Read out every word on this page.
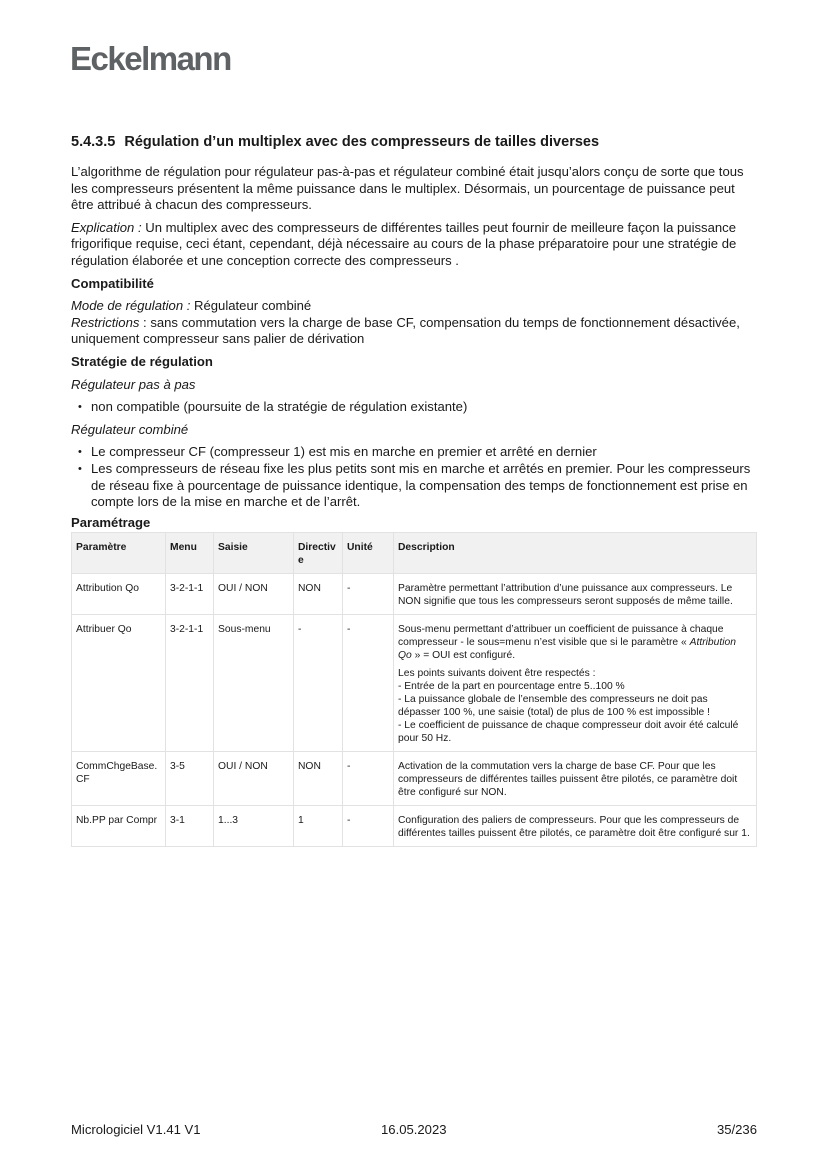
Eckelmann
5.4.3.5 Régulation d’un multiplex avec des compresseurs de tailles diverses

L’algorithme de régulation pour régulateur pas-à-pas et régulateur combiné était jusqu’alors conçu de sorte que tous les compresseurs présentent la même puissance dans le multiplex. Désormais, un pourcentage de puissance peut être attribué à chacun des compresseurs.

Explication : Un multiplex avec des compresseurs de différentes tailles peut fournir de meilleure façon la puissance frigorifique requise, ceci étant, cependant, déjà nécessaire au cours de la phase préparatoire pour une stratégie de régulation élaborée et une conception correcte des compresseurs .

Compatibilité

Mode de régulation : Régulateur combiné
Restrictions : sans commutation vers la charge de base CF, compensation du temps de fonctionnement désactivée, uniquement compresseur sans palier de dérivation

Stratégie de régulation

Régulateur pas à pas

• non compatible (poursuite de la stratégie de régulation existante)

Régulateur combiné

• Le compresseur CF (compresseur 1) est mis en marche en premier et arrêté en dernier
• Les compresseurs de réseau fixe les plus petits sont mis en marche et arrêtés en premier. Pour les compresseurs de réseau fixe à pourcentage de puissance identique, la compensation des temps de fonctionnement est prise en compte lors de la mise en marche et de l’arrêt.
Paramétrage
Paramètre	Menu	Saisie	Directiv e	Unité	Description
Attribution Qo	3-2-1-1	OUI / NON	NON	-	Paramètre permettant l’attribution d’une puissance aux compresseurs. Le NON signifie que tous les compresseurs seront supposés de même taille.
Attribuer Qo	3-2-1-1	Sous-menu	-	-	Sous-menu permettant d’attribuer un coefficient de puissance à chaque compresseur - le sous=menu n’est visible que si le paramètre « Attribution Qo » = OUI est configuré.
Les points suivants doivent être respectés :
- Entrée de la part en pourcentage entre 5..100 %
- La puissance globale de l’ensemble des compresseurs ne doit pas dépasser 100 %, une saisie (total) de plus de 100 % est impossible !
- Le coefficient de puissance de chaque compresseur doit avoir été calculé pour 50 Hz.

CommChgeBase. CF	3-5	OUI / NON	NON	-	Activation de la commutation vers la charge de base CF. Pour que les compresseurs de différentes tailles puissent être pilotés, ce paramètre doit être configuré sur NON.
Nb.PP par Compr	3-1	1...3	1	-	Configuration des paliers de compresseurs. Pour que les compresseurs de différentes tailles puissent être pilotés, ce paramètre doit être configuré sur 1.
Micrologiciel V1.41 V1	16.05.2023	35/236
